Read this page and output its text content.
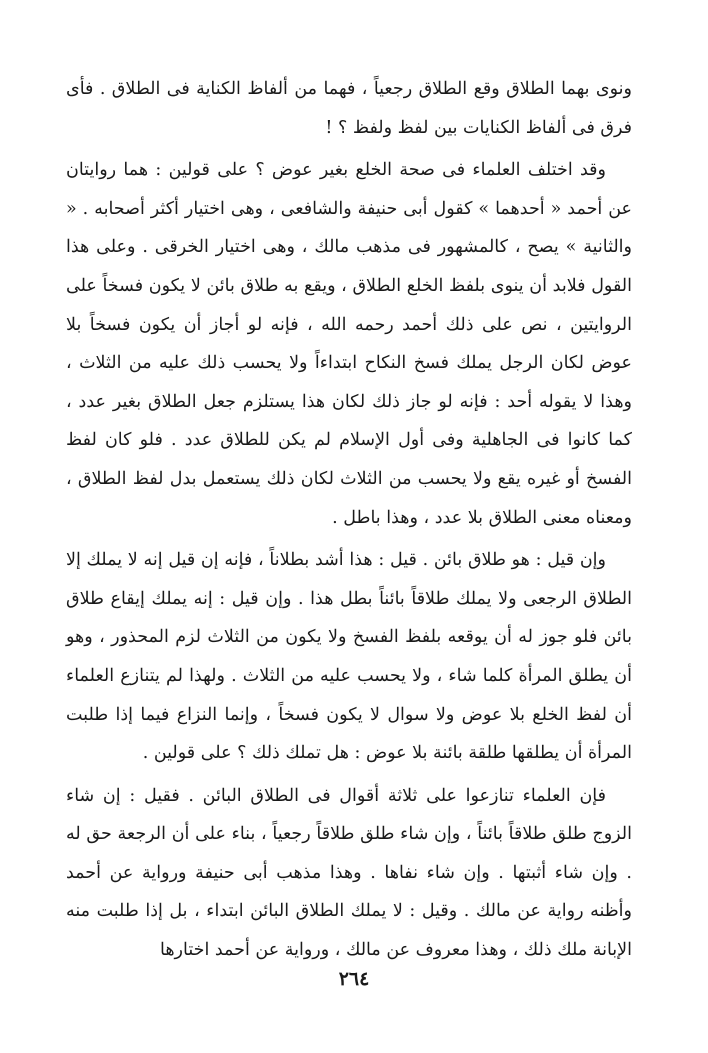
ونوى بهما الطلاق وقع الطلاق رجعياً ، فهما من ألفاظ الكناية فى الطلاق . فأى فرق فى ألفاظ الكنايات بين لفظ ولفظ ؟ !

وقد اختلف العلماء فى صحة الخلع بغير عوض ؟ على قولين : هما روايتان عن أحمد « أحدهما » كقول أبى حنيفة والشافعى ، وهى اختيار أكثر أصحابه . « والثانية » يصح ، كالمشهور فى مذهب مالك ، وهى اختيار الخرقى . وعلى هذا القول فلابد أن ينوى بلفظ الخلع الطلاق ، ويقع به طلاق بائن لا يكون فسخاً على الروايتين ، نص على ذلك أحمد رحمه الله ، فإنه لو أجاز أن يكون فسخاً بلا عوض لكان الرجل يملك فسخ النكاح ابتداءاً ولا يحسب ذلك عليه من الثلاث ، وهذا لا يقوله أحد : فإنه لو جاز ذلك لكان هذا يستلزم جعل الطلاق بغير عدد ، كما كانوا فى الجاهلية وفى أول الإسلام لم يكن للطلاق عدد . فلو كان لفظ الفسخ أو غيره يقع ولا يحسب من الثلاث لكان ذلك يستعمل بدل لفظ الطلاق ، ومعناه معنى الطلاق بلا عدد ، وهذا باطل .

وإن قيل : هو طلاق بائن . قيل : هذا أشد بطلاناً ، فإنه إن قيل إنه لا يملك إلا الطلاق الرجعى ولا يملك طلاقاً بائناً بطل هذا . وإن قيل : إنه يملك إيقاع طلاق بائن فلو جوز له أن يوقعه بلفظ الفسخ ولا يكون من الثلاث لزم المحذور ، وهو أن يطلق المرأة كلما شاء ، ولا يحسب عليه من الثلاث . ولهذا لم يتنازع العلماء أن لفظ الخلع بلا عوض ولا سوال لا يكون فسخاً ، وإنما النزاع فيما إذا طلبت المرأة أن يطلقها طلقة بائنة بلا عوض : هل تملك ذلك ؟ على قولين .

فإن العلماء تنازعوا على ثلاثة أقوال فى الطلاق البائن . فقيل : إن شاء الزوج طلق طلاقاً بائناً ، وإن شاء طلق طلاقاً رجعياً ، بناء على أن الرجعة حق له . وإن شاء أثبتها . وإن شاء نفاها . وهذا مذهب أبى حنيفة ورواية عن أحمد وأظنه رواية عن مالك . وقيل : لا يملك الطلاق البائن ابتداء ، بل إذا طلبت منه الإبانة ملك ذلك ، وهذا معروف عن مالك ، ورواية عن أحمد اختارها

٢٦٤
